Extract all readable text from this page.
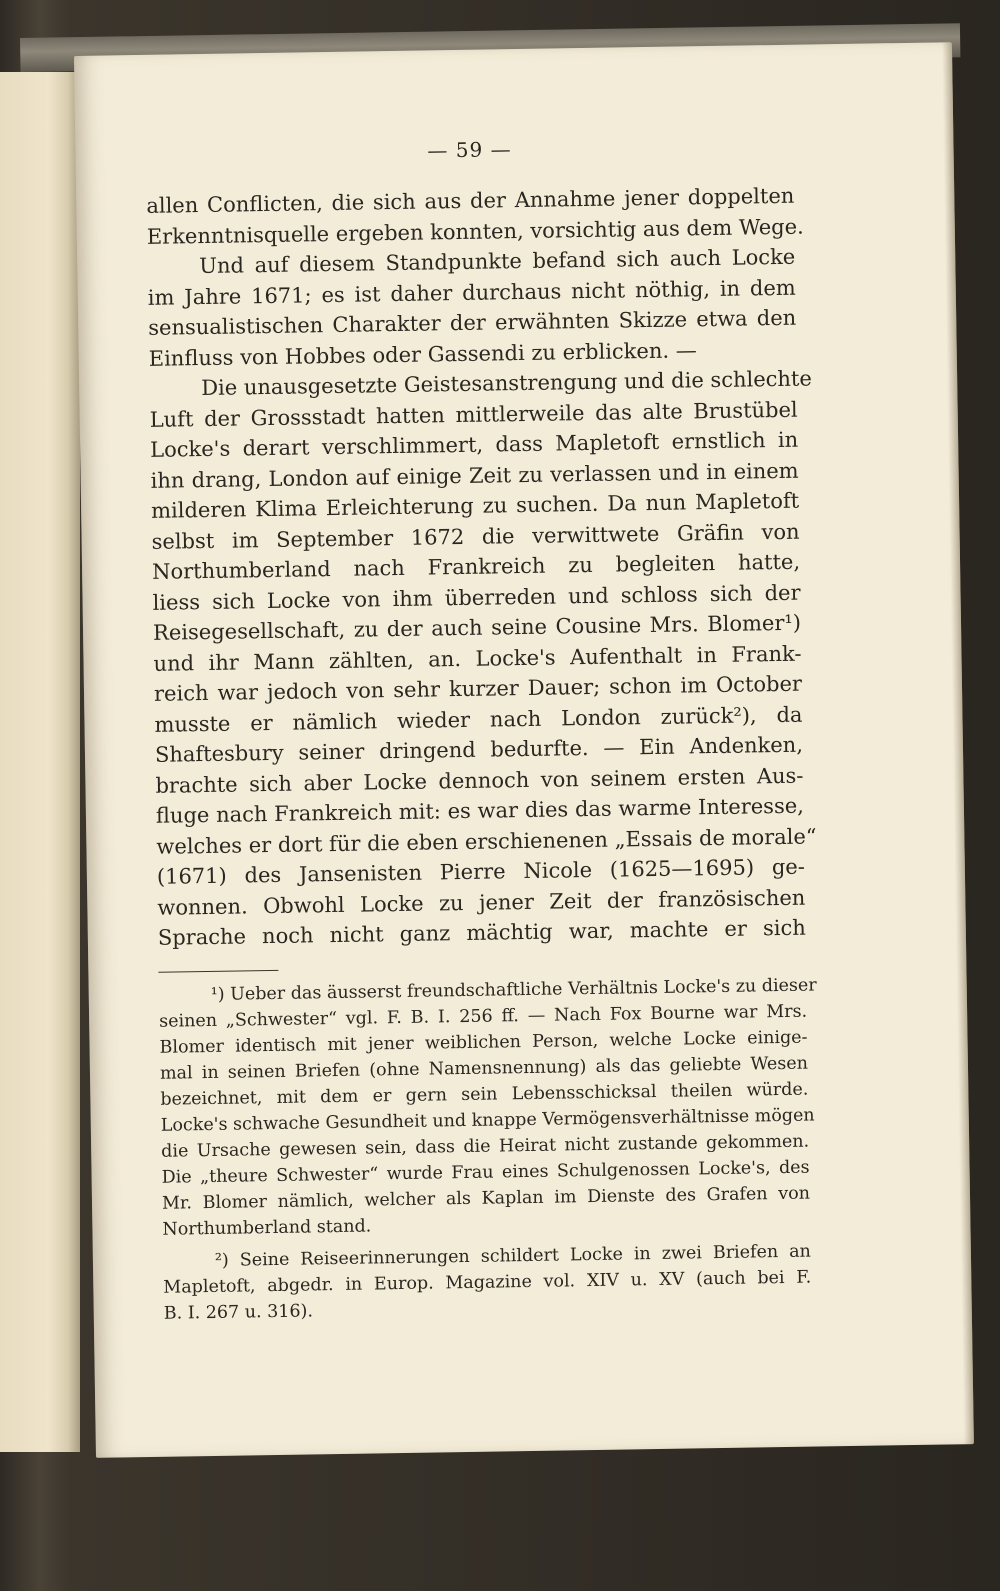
— 59 —
allen Conflicten, die sich aus der Annahme jener doppelten
Erkenntnisquelle ergeben konnten, vorsichtig aus dem Wege.
Und auf diesem Standpunkte befand sich auch Locke
im Jahre 1671; es ist daher durchaus nicht nöthig, in dem
sensualistischen Charakter der erwähnten Skizze etwa den
Einfluss von Hobbes oder Gassendi zu erblicken. —
Die unausgesetzte Geistesanstrengung und die schlechte
Luft der Grossstadt hatten mittlerweile das alte Brustübel
Locke's derart verschlimmert, dass Mapletoft ernstlich in
ihn drang, London auf einige Zeit zu verlassen und in einem
milderen Klima Erleichterung zu suchen. Da nun Mapletoft
selbst im September 1672 die verwittwete Gräfin von
Northumberland nach Frankreich zu begleiten hatte,
liess sich Locke von ihm überreden und schloss sich der
Reisegesellschaft, zu der auch seine Cousine Mrs. Blomer¹)
und ihr Mann zählten, an. Locke's Aufenthalt in Frank-
reich war jedoch von sehr kurzer Dauer; schon im October
musste er nämlich wieder nach London zurück²), da
Shaftesbury seiner dringend bedurfte. — Ein Andenken,
brachte sich aber Locke dennoch von seinem ersten Aus-
fluge nach Frankreich mit: es war dies das warme Interesse,
welches er dort für die eben erschienenen „Essais de morale“
(1671) des Jansenisten Pierre Nicole (1625—1695) ge-
wonnen. Obwohl Locke zu jener Zeit der französischen
Sprache noch nicht ganz mächtig war, machte er sich
¹) Ueber das äusserst freundschaftliche Verhältnis Locke's zu dieser
seinen „Schwester“ vgl. F. B. I. 256 ff. — Nach Fox Bourne war Mrs.
Blomer identisch mit jener weiblichen Person, welche Locke einige-
mal in seinen Briefen (ohne Namensnennung) als das geliebte Wesen
bezeichnet, mit dem er gern sein Lebensschicksal theilen würde.
Locke's schwache Gesundheit und knappe Vermögensverhältnisse mögen
die Ursache gewesen sein, dass die Heirat nicht zustande gekommen.
Die „theure Schwester“ wurde Frau eines Schulgenossen Locke's, des
Mr. Blomer nämlich, welcher als Kaplan im Dienste des Grafen von
Northumberland stand.
²) Seine Reiseerinnerungen schildert Locke in zwei Briefen an
Mapletoft, abgedr. in Europ. Magazine vol. XIV u. XV (auch bei F.
B. I. 267 u. 316).
